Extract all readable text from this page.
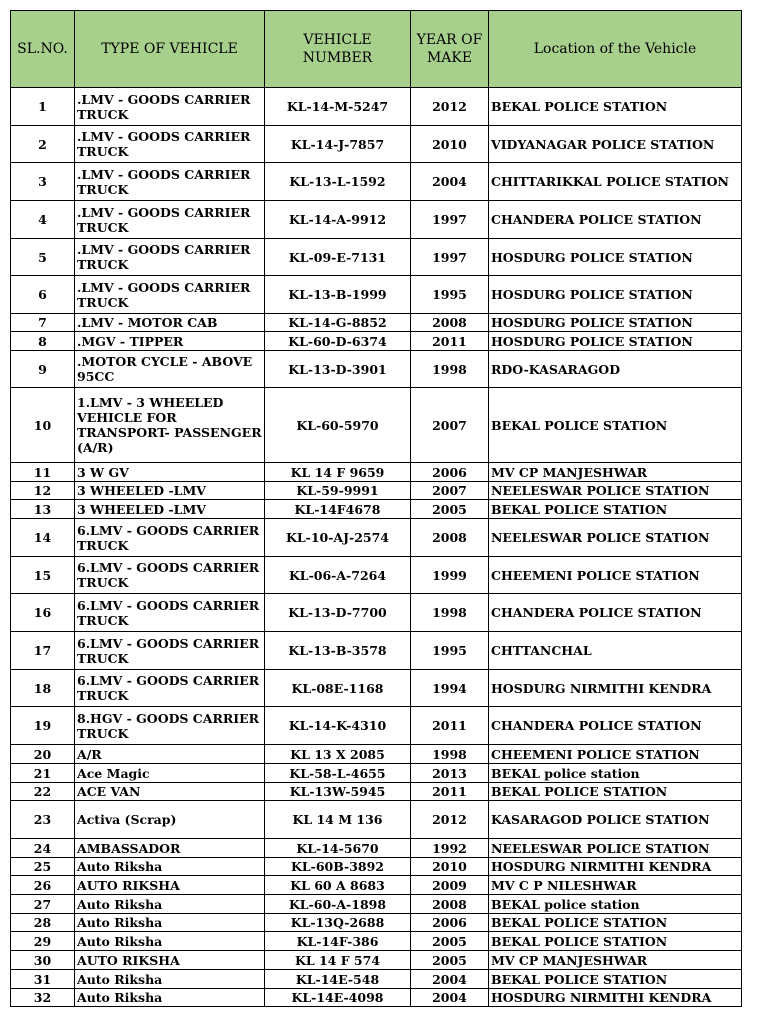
SL.NO.	TYPE OF VEHICLE	VEHICLE NUMBER	YEAR OF MAKE	Location of the Vehicle
1	.LMV - GOODS CARRIER TRUCK	KL-14-M-5247	2012	BEKAL POLICE STATION
2	.LMV - GOODS CARRIER TRUCK	KL-14-J-7857	2010	VIDYANAGAR POLICE STATION
3	.LMV - GOODS CARRIER TRUCK	KL-13-L-1592	2004	CHITTARIKKAL POLICE STATION
4	.LMV - GOODS CARRIER TRUCK	KL-14-A-9912	1997	CHANDERA POLICE STATION
5	.LMV - GOODS CARRIER TRUCK	KL-09-E-7131	1997	HOSDURG POLICE STATION
6	.LMV - GOODS CARRIER TRUCK	KL-13-B-1999	1995	HOSDURG POLICE STATION
7	.LMV - MOTOR CAB	KL-14-G-8852	2008	HOSDURG POLICE STATION
8	.MGV - TIPPER	KL-60-D-6374	2011	HOSDURG POLICE STATION
9	.MOTOR CYCLE - ABOVE 95CC	KL-13-D-3901	1998	RDO-KASARAGOD
10	1.LMV - 3 WHEELED VEHICLE FOR TRANSPORT- PASSENGER (A/R)	KL-60-5970	2007	BEKAL POLICE STATION
11	3 W GV	KL 14 F 9659	2006	MV CP MANJESHWAR
12	3 WHEELED -LMV	KL-59-9991	2007	NEELESWAR POLICE STATION
13	3 WHEELED -LMV	KL-14F4678	2005	BEKAL POLICE STATION
14	6.LMV - GOODS CARRIER TRUCK	KL-10-AJ-2574	2008	NEELESWAR POLICE STATION
15	6.LMV - GOODS CARRIER TRUCK	KL-06-A-7264	1999	CHEEMENI POLICE STATION
16	6.LMV - GOODS CARRIER TRUCK	KL-13-D-7700	1998	CHANDERA POLICE STATION
17	6.LMV - GOODS CARRIER TRUCK	KL-13-B-3578	1995	CHTTANCHAL
18	6.LMV - GOODS CARRIER TRUCK	KL-08E-1168	1994	HOSDURG NIRMITHI KENDRA
19	8.HGV - GOODS CARRIER TRUCK	KL-14-K-4310	2011	CHANDERA POLICE STATION
20	A/R	KL 13 X 2085	1998	CHEEMENI POLICE STATION
21	Ace Magic	KL-58-L-4655	2013	BEKAL police station
22	ACE VAN	KL-13W-5945	2011	BEKAL POLICE STATION
23	Activa (Scrap)	KL 14 M 136	2012	KASARAGOD POLICE STATION
24	AMBASSADOR	KL-14-5670	1992	NEELESWAR POLICE STATION
25	Auto Riksha	KL-60B-3892	2010	HOSDURG NIRMITHI KENDRA
26	AUTO RIKSHA	KL 60 A 8683	2009	MV C P NILESHWAR
27	Auto Riksha	KL-60-A-1898	2008	BEKAL police station
28	Auto Riksha	KL-13Q-2688	2006	BEKAL POLICE STATION
29	Auto Riksha	KL-14F-386	2005	BEKAL POLICE STATION
30	AUTO RIKSHA	KL 14 F 574	2005	MV CP MANJESHWAR
31	Auto Riksha	KL-14E-548	2004	BEKAL POLICE STATION
32	Auto Riksha	KL-14E-4098	2004	HOSDURG NIRMITHI KENDRA
